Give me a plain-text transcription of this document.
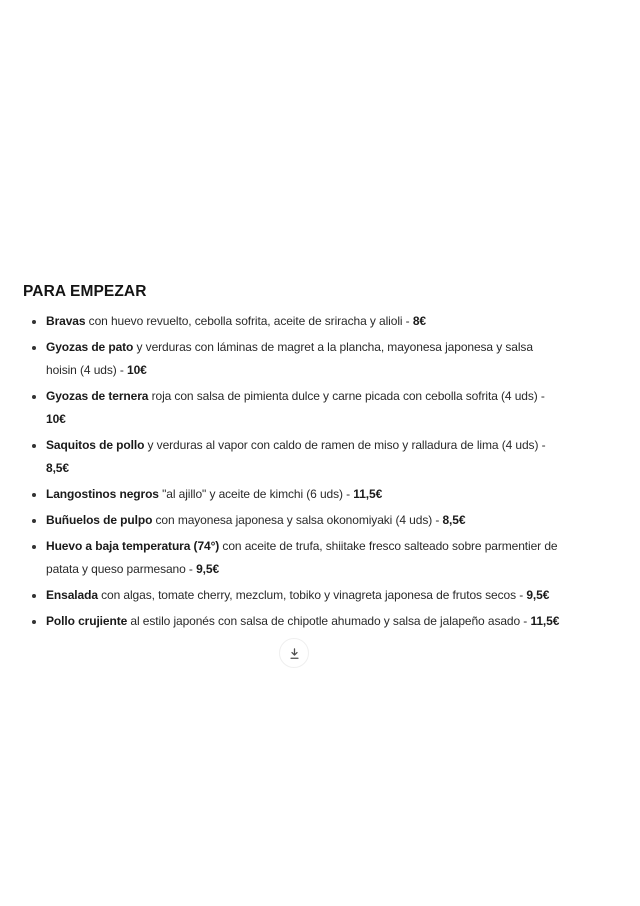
PARA EMPEZAR
Bravas con huevo revuelto, cebolla sofrita, aceite de sriracha y alioli - 8€
Gyozas de pato y verduras con láminas de magret a la plancha, mayonesa japonesa y salsa hoisin (4 uds) - 10€
Gyozas de ternera roja con salsa de pimienta dulce y carne picada con cebolla sofrita (4 uds) - 10€
Saquitos de pollo y verduras al vapor con caldo de ramen de miso y ralladura de lima (4 uds) - 8,5€
Langostinos negros "al ajillo" y aceite de kimchi (6 uds) - 11,5€
Buñuelos de pulpo con mayonesa japonesa y salsa okonomiyaki (4 uds) - 8,5€
Huevo a baja temperatura (74°) con aceite de trufa, shiitake fresco salteado sobre parmentier de patata y queso parmesano - 9,5€
Ensalada con algas, tomate cherry, mezclum, tobiko y vinagreta japonesa de frutos secos - 9,5€
Pollo crujiente al estilo japonés con salsa de chipotle ahumado y salsa de jalapeño asado - 11,5€
